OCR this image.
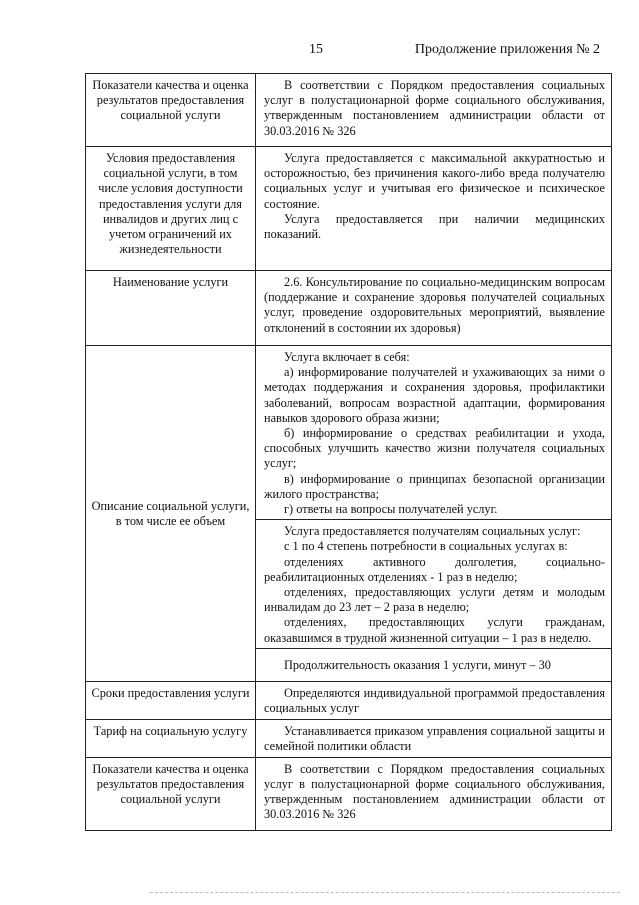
15	Продолжение приложения № 2
Показатели качества и оценка результатов предоставления социальной услуги	В соответствии с Порядком предоставления социальных услуг в полустационарной форме социального обслуживания, утвержденным постановлением администрации области от 30.03.2016 № 326

Условия предоставления социальной услуги, в том числе условия доступности предоставления услуги для инвалидов и других лиц с учетом ограничений их жизнедеятельности	Услуга предоставляется с максимальной аккуратностью и осторожностью, без причинения какого-либо вреда получателю социальных услуг и учитывая его физическое и психическое состояние.

Услуга предоставляется при наличии медицинских показаний.

Наименование услуги	2.6. Консультирование по социально-медицинским вопросам (поддержание и сохранение здоровья получателей социальных услуг, проведение оздоровительных мероприятий, выявление отклонений в состоянии их здоровья)

Описание социальной услуги, в том числе ее объем	Услуга включает в себя:

а) информирование получателей и ухаживающих за ними о методах поддержания и сохранения здоровья, профилактики заболеваний, вопросам возрастной адаптации, формирования навыков здорового образа жизни;

б) информирование о средствах реабилитации и ухода, способных улучшить качество жизни получателя социальных услуг;

в) информирование о принципах безопасной организации жилого пространства;

г) ответы на вопросы получателей услуг.

	Услуга предоставляется получателям социальных услуг:

с 1 по 4 степень потребности в социальных услугах в:

отделениях активного долголетия, социально-реабилитационных отделениях - 1 раз в неделю;

отделениях, предоставляющих услуги детям и молодым инвалидам до 23 лет – 2 раза в неделю;

отделениях, предоставляющих услуги гражданам, оказавшимся в трудной жизненной ситуации – 1 раз в неделю.

	Продолжительность оказания 1 услуги, минут – 30

Сроки предоставления услуги	Определяются индивидуальной программой предоставления социальных услуг

Тариф на социальную услугу	Устанавливается приказом управления социальной защиты и семейной политики области

Показатели качества и оценка результатов предоставления социальной услуги	В соответствии с Порядком предоставления социальных услуг в полустационарной форме социального обслуживания, утвержденным постановлением администрации области от 30.03.2016 № 326
